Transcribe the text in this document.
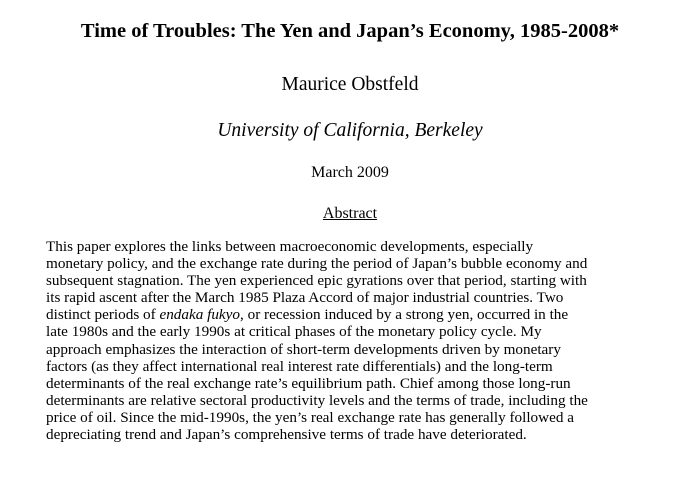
Time of Troubles: The Yen and Japan’s Economy, 1985-2008*
Maurice Obstfeld
University of California, Berkeley
March 2009
Abstract
This paper explores the links between macroeconomic developments, especially
monetary policy, and the exchange rate during the period of Japan’s bubble economy and
subsequent stagnation. The yen experienced epic gyrations over that period, starting with
its rapid ascent after the March 1985 Plaza Accord of major industrial countries. Two
distinct periods of endaka fukyo, or recession induced by a strong yen, occurred in the
late 1980s and the early 1990s at critical phases of the monetary policy cycle. My
approach emphasizes the interaction of short-term developments driven by monetary
factors (as they affect international real interest rate differentials) and the long-term
determinants of the real exchange rate’s equilibrium path. Chief among those long-run
determinants are relative sectoral productivity levels and the terms of trade, including the
price of oil. Since the mid-1990s, the yen’s real exchange rate has generally followed a
depreciating trend and Japan’s comprehensive terms of trade have deteriorated.
